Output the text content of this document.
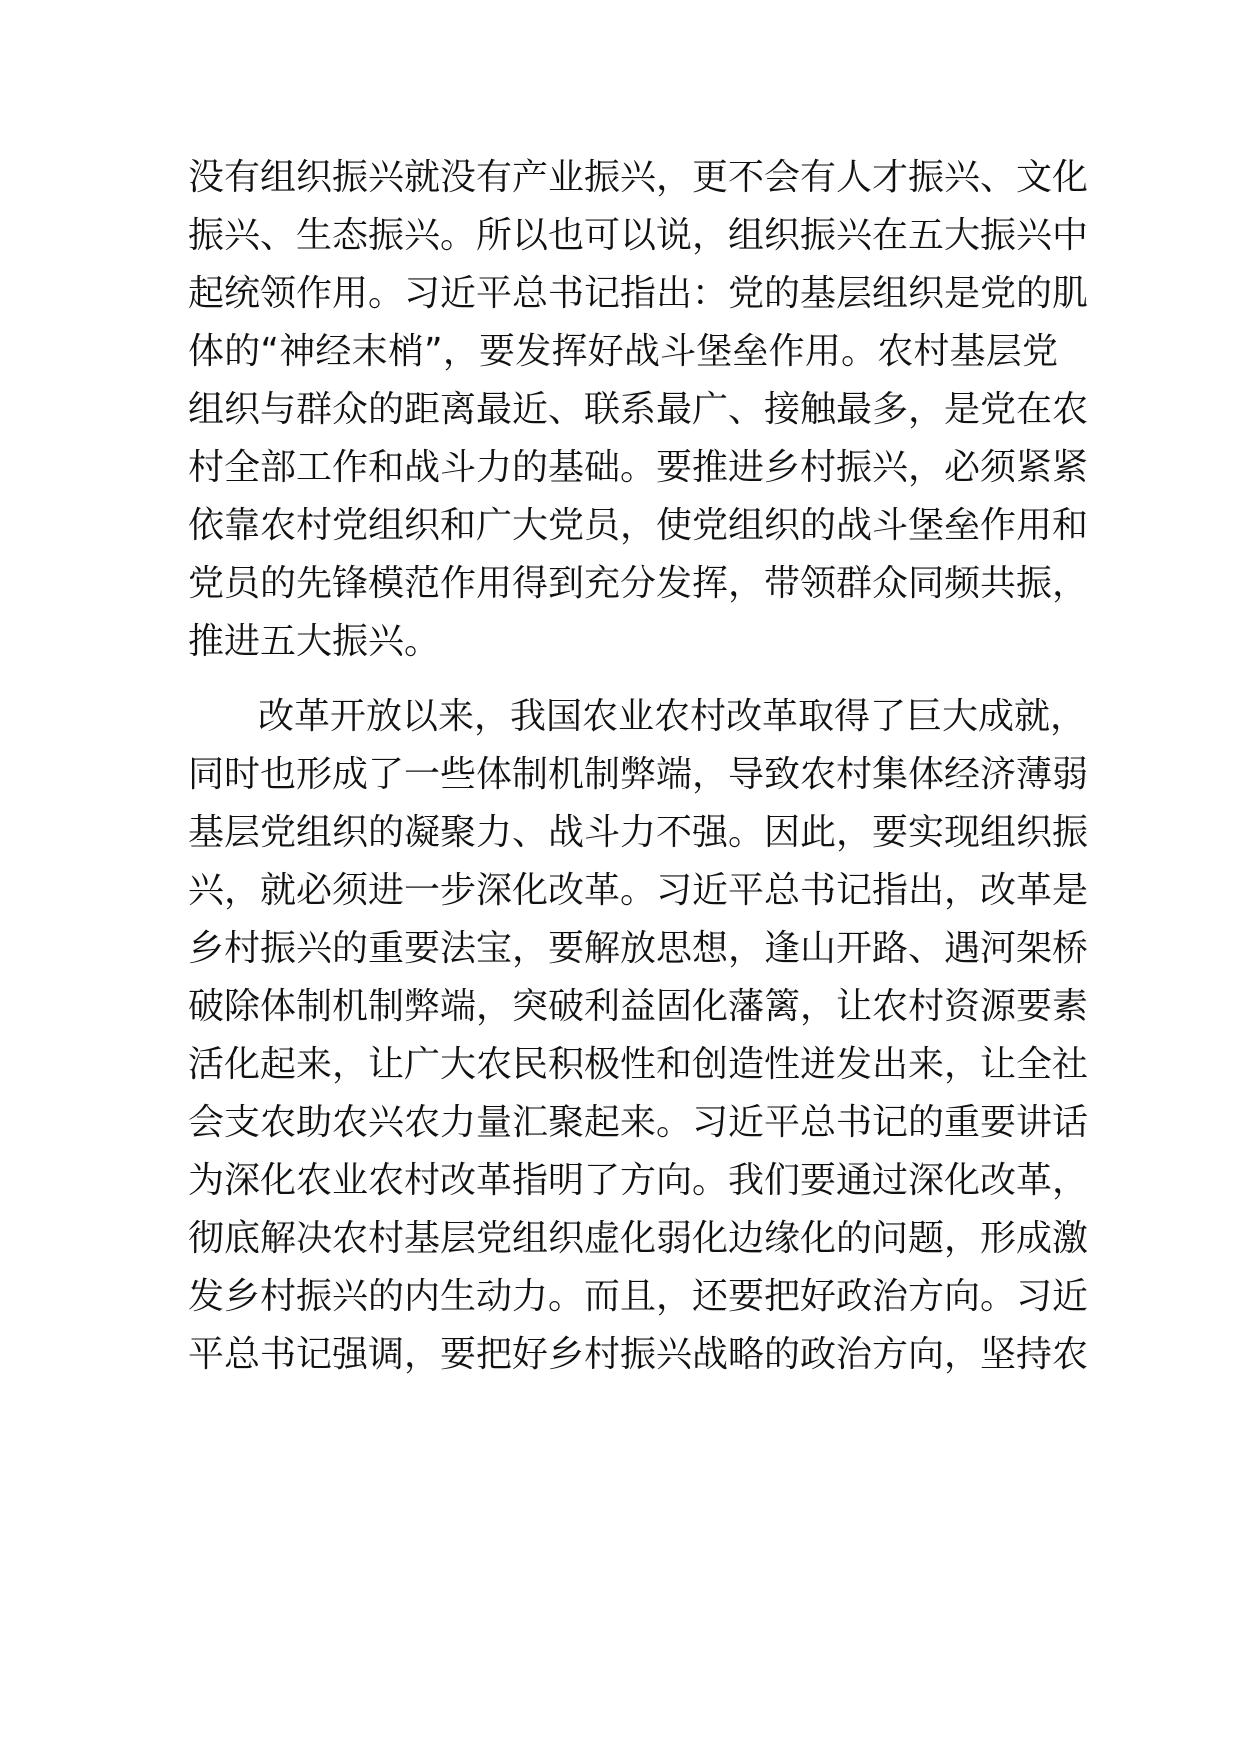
没有组织振兴就没有产业振兴，更不会有人才振兴、文化
振兴、生态振兴。所以也可以说，组织振兴在五大振兴中
起统领作用。习近平总书记指出：党的基层组织是党的肌
体的“神经末梢”，要发挥好战斗堡垒作用。农村基层党
组织与群众的距离最近、联系最广、接触最多，是党在农
村全部工作和战斗力的基础。要推进乡村振兴，必须紧紧
依靠农村党组织和广大党员，使党组织的战斗堡垒作用和
党员的先锋模范作用得到充分发挥，带领群众同频共振，
推进五大振兴。
改革开放以来，我国农业农村改革取得了巨大成就，
同时也形成了一些体制机制弊端，导致农村集体经济薄弱
基层党组织的凝聚力、战斗力不强。因此，要实现组织振
兴，就必须进一步深化改革。习近平总书记指出，改革是
乡村振兴的重要法宝，要解放思想，逢山开路、遇河架桥
破除体制机制弊端，突破利益固化藩篱，让农村资源要素
活化起来，让广大农民积极性和创造性迸发出来，让全社
会支农助农兴农力量汇聚起来。习近平总书记的重要讲话
为深化农业农村改革指明了方向。我们要通过深化改革，
彻底解决农村基层党组织虚化弱化边缘化的问题，形成激
发乡村振兴的内生动力。而且，还要把好政治方向。习近
平总书记强调，要把好乡村振兴战略的政治方向，坚持农
